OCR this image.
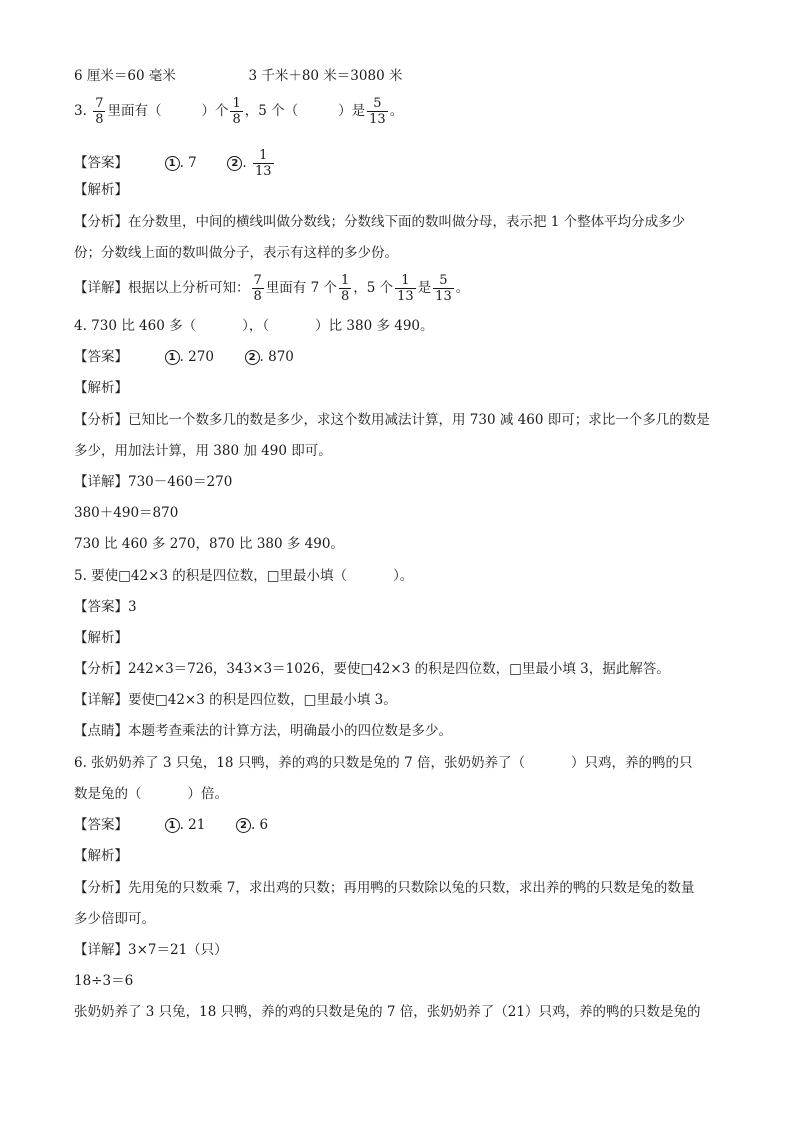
6 厘米＝60 毫米	3 千米＋80 米＝3080 米
3. $\frac{7}{8}$ 里面有（	）个 $\frac{1}{8}$ ，5 个（	）是 $\frac{5}{13}$ 。
【答案】	1 . 7	2 . $\frac{1}{13}$
【解析】
【分析】在分数里，中间的横线叫做分数线；分数线下面的数叫做分母，表示把 1 个整体平均分成多少
份；分数线上面的数叫做分子，表示有这样的多少份。
【详解】根据以上分析可知： $\frac{7}{8}$ 里面有 7 个 $\frac{1}{8}$ ，5 个 $\frac{1}{13}$ 是 $\frac{5}{13}$ 。
4. 730 比 460 多（	），（	）比 380 多 490。
【答案】	1 . 270	2 . 870
【解析】
【分析】已知比一个数多几的数是多少，求这个数用减法计算，用 730 减 460 即可；求比一个多几的数是
多少，用加法计算，用 380 加 490 即可。
【详解】730－460＝270
380＋490＝870
730 比 460 多 270，870 比 380 多 490。
5. 要使□42×3 的积是四位数，□里最小填（	）。
【答案】3
【解析】
【分析】242×3＝726，343×3＝1026，要使□42×3 的积是四位数，□里最小填 3，据此解答。
【详解】要使□42×3 的积是四位数，□里最小填 3。
【点睛】本题考查乘法的计算方法，明确最小的四位数是多少。
6. 张奶奶养了 3 只兔，18 只鸭，养的鸡的只数是兔的 7 倍，张奶奶养了（	）只鸡，养的鸭的只
数是兔的（	）倍。
【答案】	1 . 21	2 . 6
【解析】
【分析】先用兔的只数乘 7，求出鸡的只数；再用鸭的只数除以兔的只数，求出养的鸭的只数是兔的数量
多少倍即可。
【详解】3×7＝21（只）
18÷3＝6
张奶奶养了 3 只兔，18 只鸭，养的鸡的只数是兔的 7 倍，张奶奶养了（21）只鸡，养的鸭的只数是兔的
